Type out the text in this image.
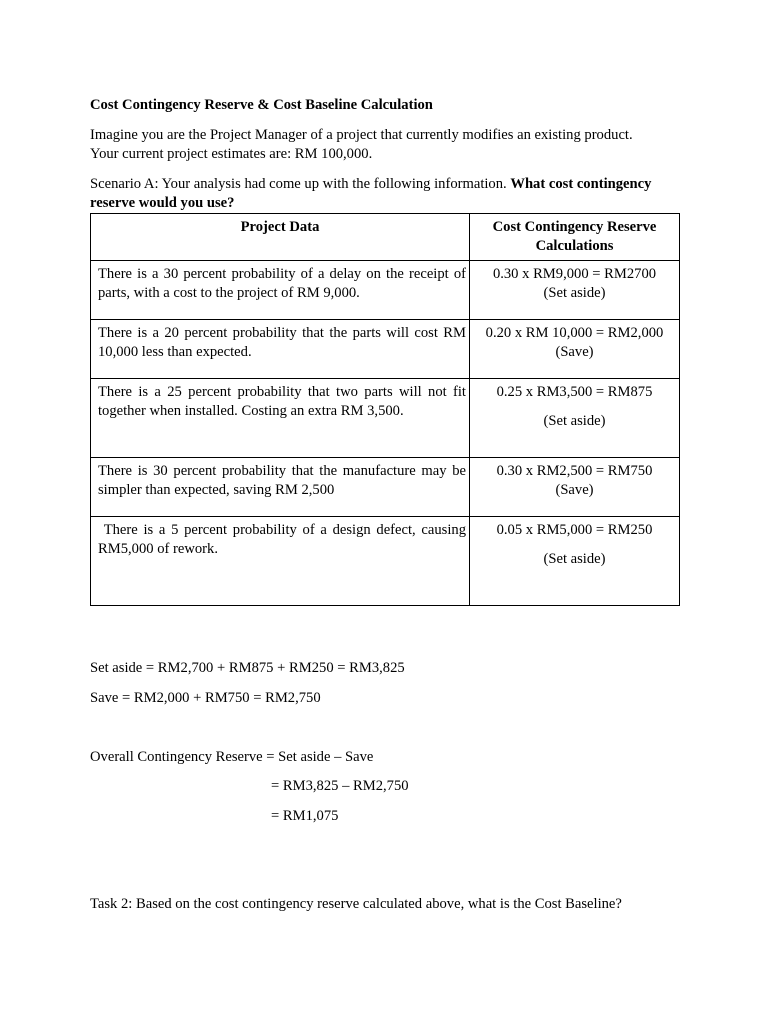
Cost Contingency Reserve & Cost Baseline Calculation

Imagine you are the Project Manager of a project that currently modifies an existing product.

Your current project estimates are: RM 100,000.

Scenario A: Your analysis had come up with the following information. What cost contingency

reserve would you use?

Project Data	Cost Contingency Reserve Calculations
There is a 30 percent probability of a delay on the receipt of parts, with a cost to the project of RM 9,000.	0.30 x RM9,000 = RM2700
(Set aside)

There is a 20 percent probability that the parts will cost RM 10,000 less than expected.	0.20 x RM 10,000 = RM2,000
(Save)

There is a 25 percent probability that two parts will not fit together when installed. Costing an extra RM 3,500.	0.25 x RM3,500 = RM875
(Set aside)

There is 30 percent probability that the manufacture may be simpler than expected, saving RM 2,500	0.30 x RM2,500 = RM750
(Save)

There is a 5 percent probability of a design defect, causing RM5,000 of rework.	0.05 x RM5,000 = RM250
(Set aside)

Set aside = RM2,700 + RM875 + RM250 = RM3,825

Save = RM2,000 + RM750 = RM2,750

Overall Contingency Reserve = Set aside – Save

= RM3,825 – RM2,750

= RM1,075

Task 2: Based on the cost contingency reserve calculated above, what is the Cost Baseline?
